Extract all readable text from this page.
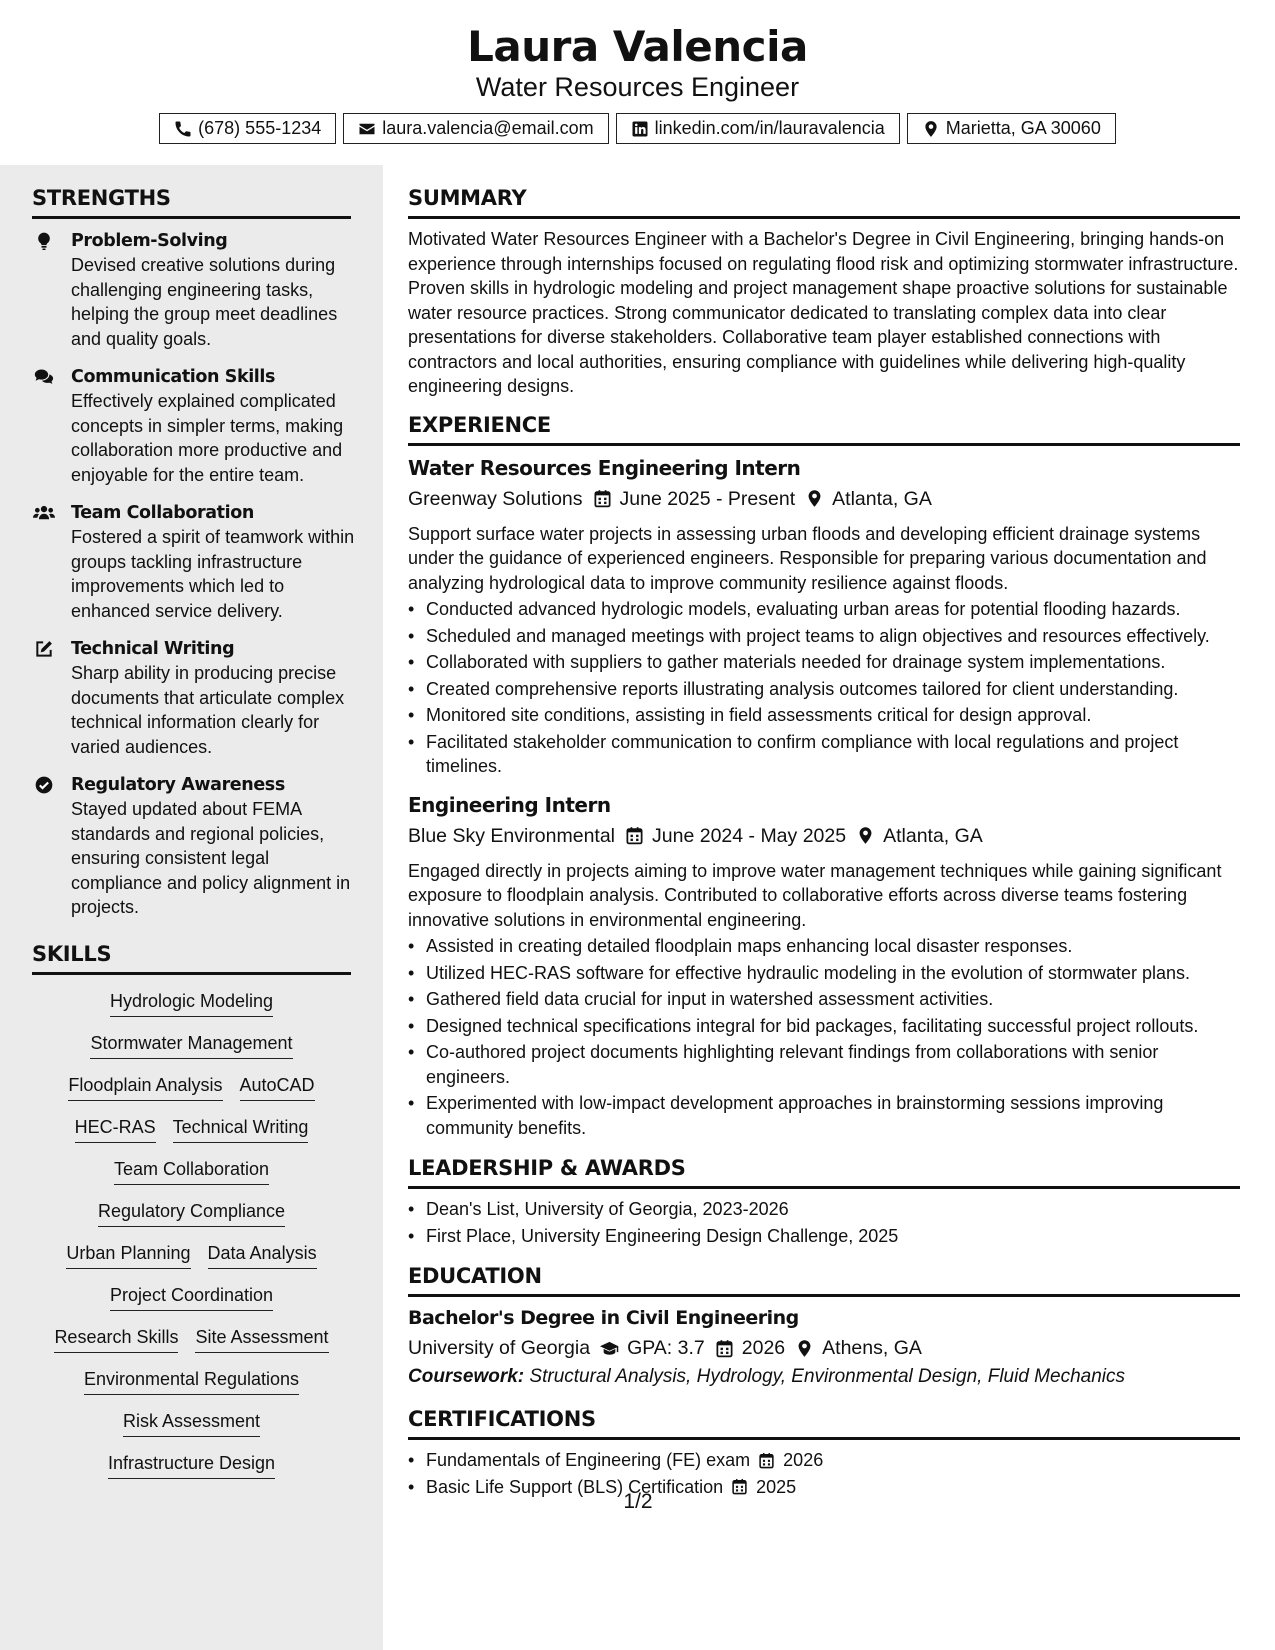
Laura Valencia
Water Resources Engineer
(678) 555-1234	laura.valencia@email.com	linkedin.com/in/lauravalencia	Marietta, GA 30060
STRENGTHS
Problem-Solving
Devised creative solutions during challenging engineering tasks, helping the group meet deadlines and quality goals.
Communication Skills
Effectively explained complicated concepts in simpler terms, making collaboration more productive and enjoyable for the entire team.
Team Collaboration
Fostered a spirit of teamwork within groups tackling infrastructure improvements which led to enhanced service delivery.
Technical Writing
Sharp ability in producing precise documents that articulate complex technical information clearly for varied audiences.
Regulatory Awareness
Stayed updated about FEMA standards and regional policies, ensuring consistent legal compliance and policy alignment in projects.
SKILLS
Hydrologic Modeling
Stormwater Management
Floodplain Analysis AutoCAD
HEC-RAS Technical Writing
Team Collaboration
Regulatory Compliance
Urban Planning Data Analysis
Project Coordination
Research Skills Site Assessment
Environmental Regulations
Risk Assessment
Infrastructure Design
SUMMARY
Motivated Water Resources Engineer with a Bachelor's Degree in Civil Engineering, bringing hands-on experience through internships focused on regulating flood risk and optimizing stormwater infrastructure. Proven skills in hydrologic modeling and project management shape proactive solutions for sustainable water resource practices. Strong communicator dedicated to translating complex data into clear presentations for diverse stakeholders. Collaborative team player established connections with contractors and local authorities, ensuring compliance with guidelines while delivering high-quality engineering designs.
EXPERIENCE
Water Resources Engineering Intern
Greenway Solutions June 2025 - Present Atlanta, GA
Support surface water projects in assessing urban floods and developing efficient drainage systems under the guidance of experienced engineers. Responsible for preparing various documentation and analyzing hydrological data to improve community resilience against floods.
• Conducted advanced hydrologic models, evaluating urban areas for potential flooding hazards.
• Scheduled and managed meetings with project teams to align objectives and resources effectively.
• Collaborated with suppliers to gather materials needed for drainage system implementations.
• Created comprehensive reports illustrating analysis outcomes tailored for client understanding.
• Monitored site conditions, assisting in field assessments critical for design approval.
• Facilitated stakeholder communication to confirm compliance with local regulations and project timelines.
Engineering Intern
Blue Sky Environmental June 2024 - May 2025 Atlanta, GA
Engaged directly in projects aiming to improve water management techniques while gaining significant exposure to floodplain analysis. Contributed to collaborative efforts across diverse teams fostering innovative solutions in environmental engineering.
• Assisted in creating detailed floodplain maps enhancing local disaster responses.
• Utilized HEC-RAS software for effective hydraulic modeling in the evolution of stormwater plans.
• Gathered field data crucial for input in watershed assessment activities.
• Designed technical specifications integral for bid packages, facilitating successful project rollouts.
• Co-authored project documents highlighting relevant findings from collaborations with senior engineers.
• Experimented with low-impact development approaches in brainstorming sessions improving community benefits.
LEADERSHIP & AWARDS
• Dean's List, University of Georgia, 2023-2026
• First Place, University Engineering Design Challenge, 2025
EDUCATION
Bachelor's Degree in Civil Engineering
University of Georgia GPA: 3.7 2026 Athens, GA
Coursework: Structural Analysis, Hydrology, Environmental Design, Fluid Mechanics
CERTIFICATIONS
• Fundamentals of Engineering (FE) exam 2026
• Basic Life Support (BLS) Certification 2025
1/2
